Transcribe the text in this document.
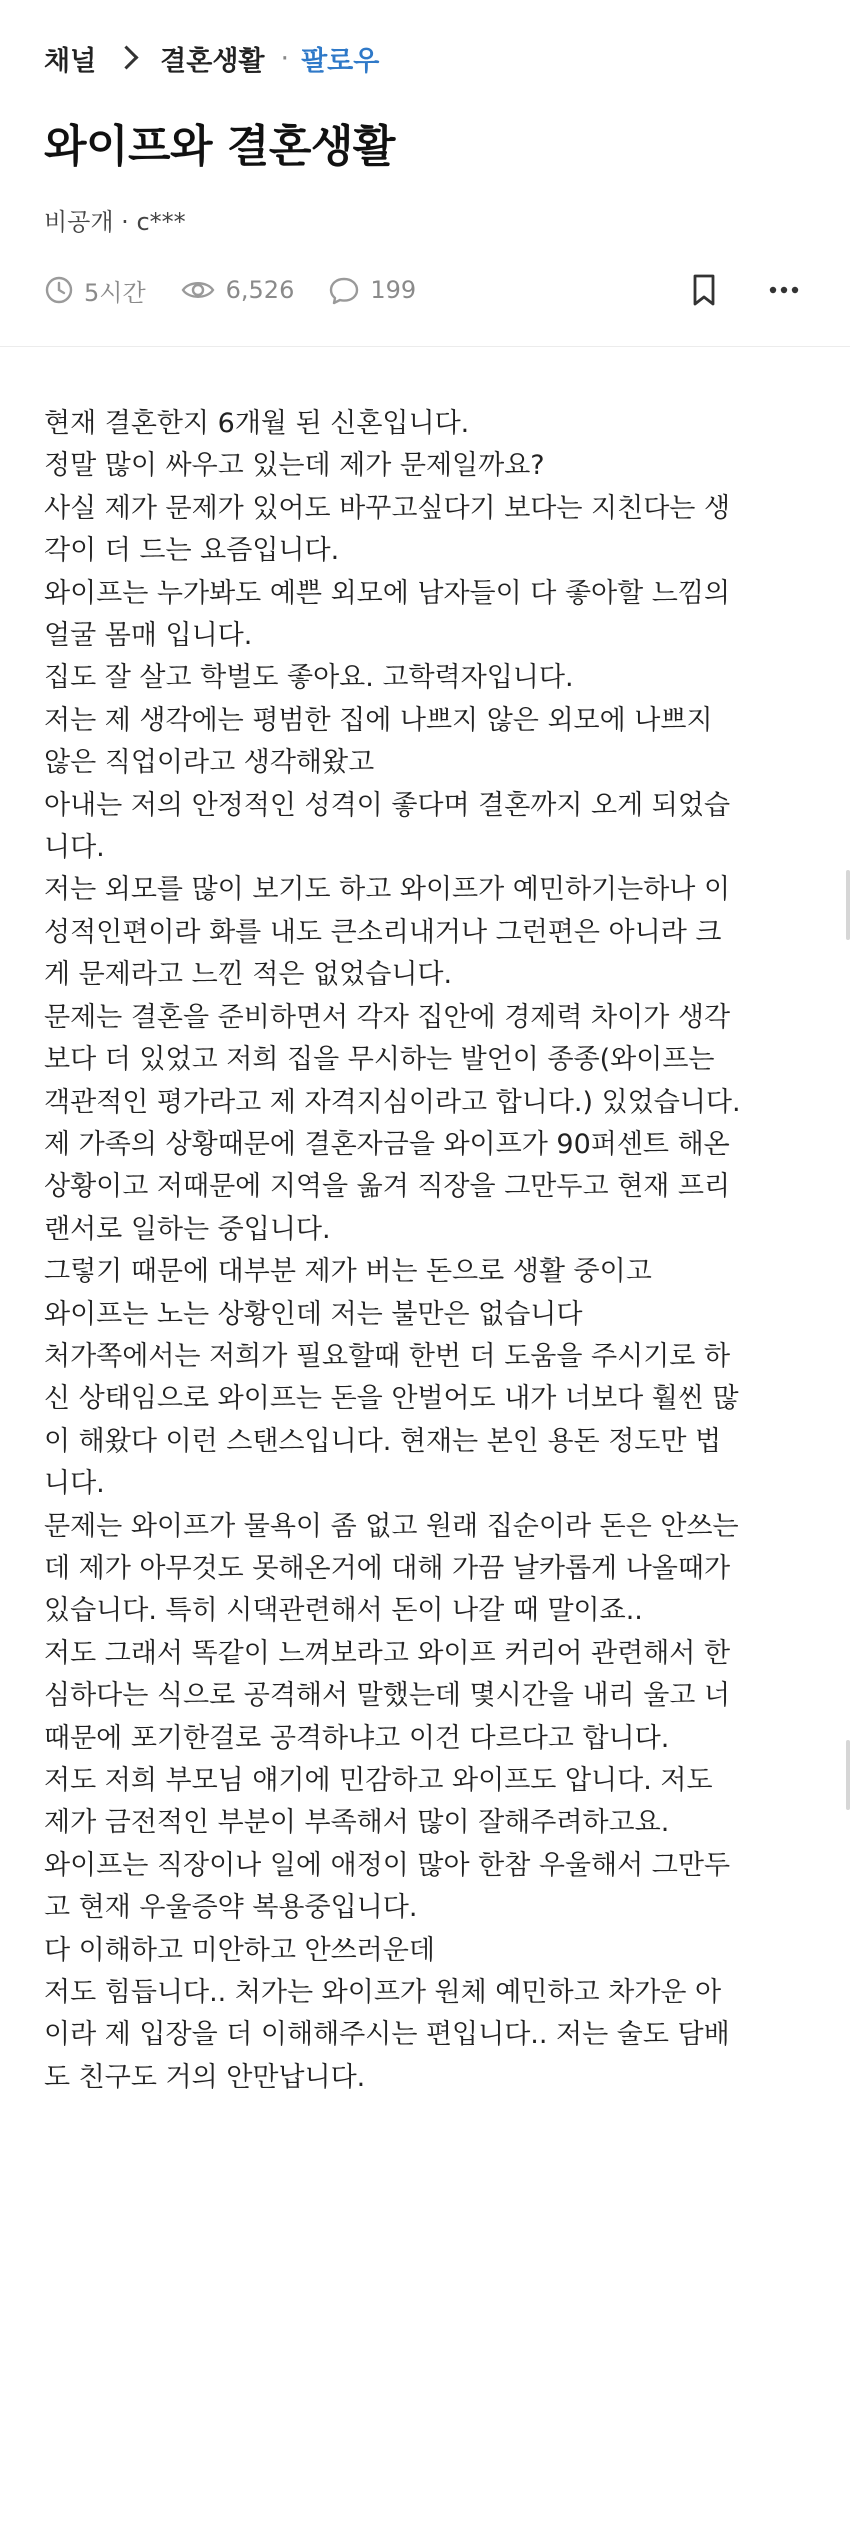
채널 결혼생활 · 팔로우
와이프와 결혼생활
비공개 · c***
5시간	6,526	199
현재 결혼한지 6개월 된 신혼입니다.
정말 많이 싸우고 있는데 제가 문제일까요?
사실 제가 문제가 있어도 바꾸고싶다기 보다는 지친다는 생
각이 더 드는 요즘입니다.
와이프는 누가봐도 예쁜 외모에 남자들이 다 좋아할 느낌의
얼굴 몸매 입니다.
집도 잘 살고 학벌도 좋아요. 고학력자입니다.
저는 제 생각에는 평범한 집에 나쁘지 않은 외모에 나쁘지
않은 직업이라고 생각해왔고
아내는 저의 안정적인 성격이 좋다며 결혼까지 오게 되었습
니다.
저는 외모를 많이 보기도 하고 와이프가 예민하기는하나 이
성적인편이라 화를 내도 큰소리내거나 그런편은 아니라 크
게 문제라고 느낀 적은 없었습니다.
문제는 결혼을 준비하면서 각자 집안에 경제력 차이가 생각
보다 더 있었고 저희 집을 무시하는 발언이 종종(와이프는
객관적인 평가라고 제 자격지심이라고 합니다.) 있었습니다.
제 가족의 상황때문에 결혼자금을 와이프가 90퍼센트 해온
상황이고 저때문에 지역을 옮겨 직장을 그만두고 현재 프리
랜서로 일하는 중입니다.
그렇기 때문에 대부분 제가 버는 돈으로 생활 중이고
와이프는 노는 상황인데 저는 불만은 없습니다
처가쪽에서는 저희가 필요할때 한번 더 도움을 주시기로 하
신 상태임으로 와이프는 돈을 안벌어도 내가 너보다 훨씬 많
이 해왔다 이런 스탠스입니다. 현재는 본인 용돈 정도만 법
니다.
문제는 와이프가 물욕이 좀 없고 원래 집순이라 돈은 안쓰는
데 제가 아무것도 못해온거에 대해 가끔 날카롭게 나올때가
있습니다. 특히 시댁관련해서 돈이 나갈 때 말이죠..
저도 그래서 똑같이 느껴보라고 와이프 커리어 관련해서 한
심하다는 식으로 공격해서 말했는데 몇시간을 내리 울고 너
때문에 포기한걸로 공격하냐고 이건 다르다고 합니다.
저도 저희 부모님 얘기에 민감하고 와이프도 압니다. 저도
제가 금전적인 부분이 부족해서 많이 잘해주려하고요.
와이프는 직장이나 일에 애정이 많아 한참 우울해서 그만두
고 현재 우울증약 복용중입니다.
다 이해하고 미안하고 안쓰러운데
저도 힘듭니다.. 처가는 와이프가 원체 예민하고 차가운 아
이라 제 입장을 더 이해해주시는 편입니다.. 저는 술도 담배
도 친구도 거의 안만납니다.
